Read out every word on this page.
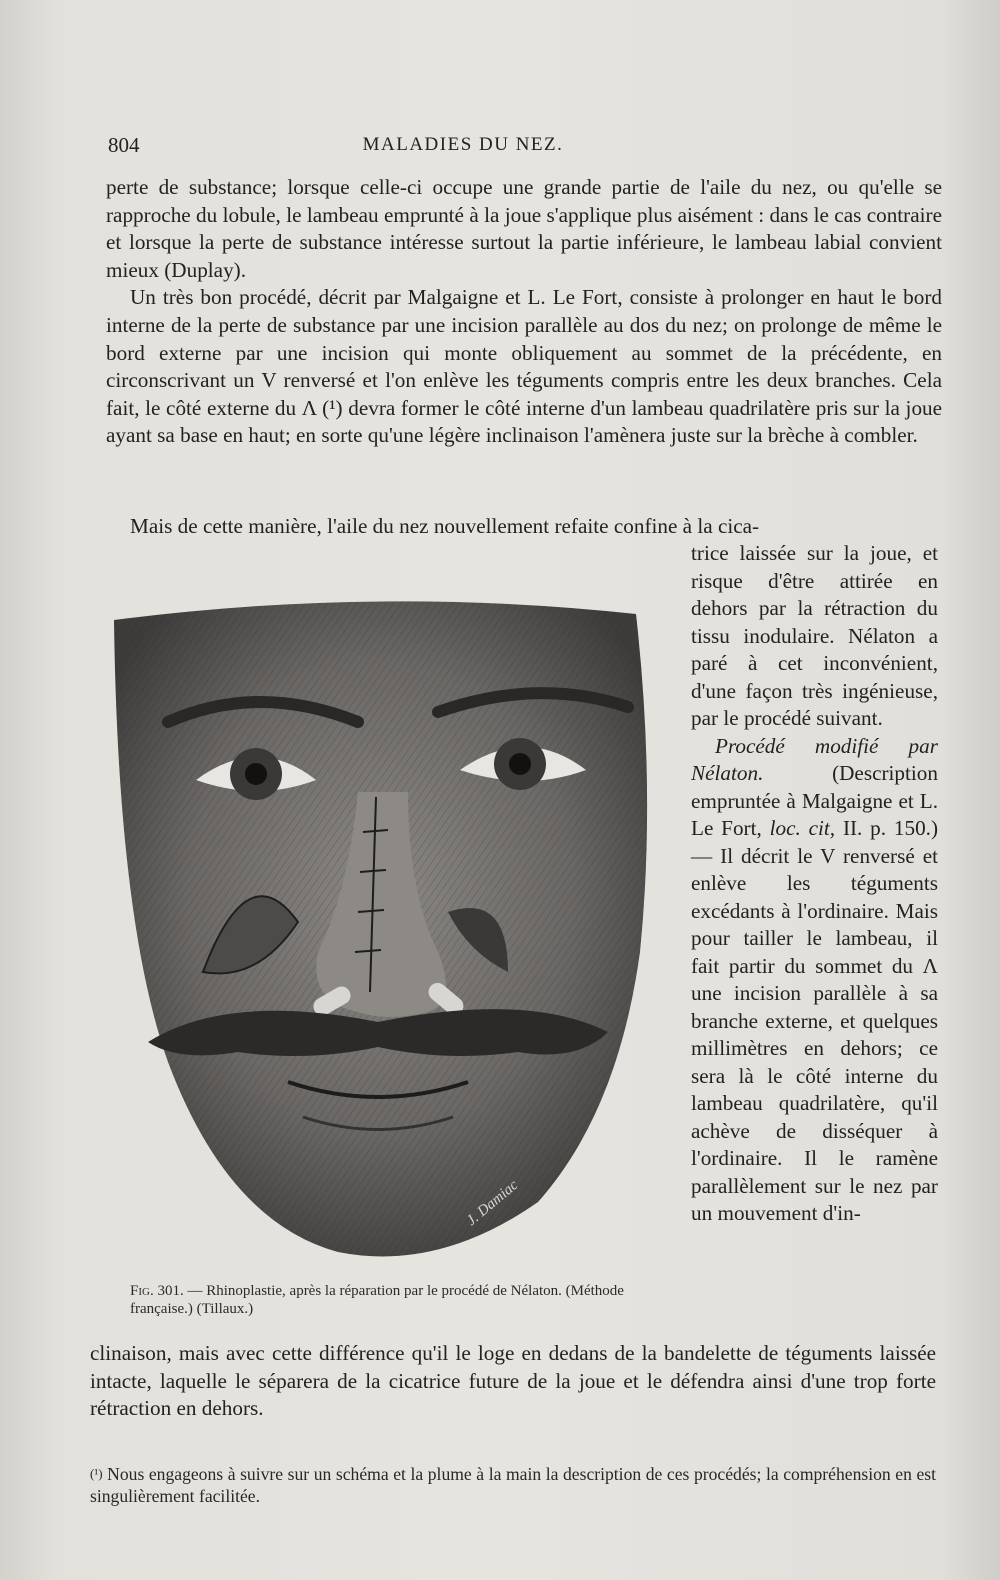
804	MALADIES DU NEZ.

perte de substance; lorsque celle-ci occupe une grande partie de l'aile du nez, ou qu'elle se rapproche du lobule, le lambeau emprunté à la joue s'applique plus aisément : dans le cas contraire et lorsque la perte de substance intéresse surtout la partie inférieure, le lambeau labial convient mieux (Duplay).

Un très bon procédé, décrit par Malgaigne et L. Le Fort, consiste à prolonger en haut le bord interne de la perte de substance par une incision parallèle au dos du nez; on prolonge de même le bord externe par une incision qui monte obliquement au sommet de la précédente, en circonscrivant un V renversé et l'on enlève les téguments compris entre les deux branches. Cela fait, le côté externe du Λ (¹) devra former le côté interne d'un lambeau quadrilatère pris sur la joue ayant sa base en haut; en sorte qu'une légère inclinaison l'amènera juste sur la brèche à combler.

Mais de cette manière, l'aile du nez nouvellement refaite confine à la cica-

trice laissée sur la joue, et risque d'être attirée en dehors par la rétraction du tissu inodulaire. Nélaton a paré à cet inconvénient, d'une façon très ingénieuse, par le procédé suivant.

Procédé modifié par Nélaton.	(Description empruntée à Malgaigne et L. Le Fort, loc. cit, II. p. 150.) — Il décrit le V renversé et enlève les téguments excédants à l'ordinaire. Mais pour tailler le lambeau, il fait partir du sommet du Λ une incision parallèle à sa branche externe, et quelques millimètres en dehors; ce sera là le côté interne du lambeau quadrilatère, qu'il achève de disséquer à l'ordinaire. Il le ramène parallèlement sur le nez par un mouvement d'in-

J. Damiac
Fig. 301. — Rhinoplastie, après la réparation par le procédé de Nélaton. (Méthode française.) (Tillaux.)

clinaison, mais avec cette différence qu'il le loge en dedans de la bandelette de téguments laissée intacte, laquelle le séparera de la cicatrice future de la joue et le défendra ainsi d'une trop forte rétraction en dehors.

$^{(^1)}$ Nous engageons à suivre sur un schéma et la plume à la main la description de ces procédés; la compréhension en est singulièrement facilitée.
